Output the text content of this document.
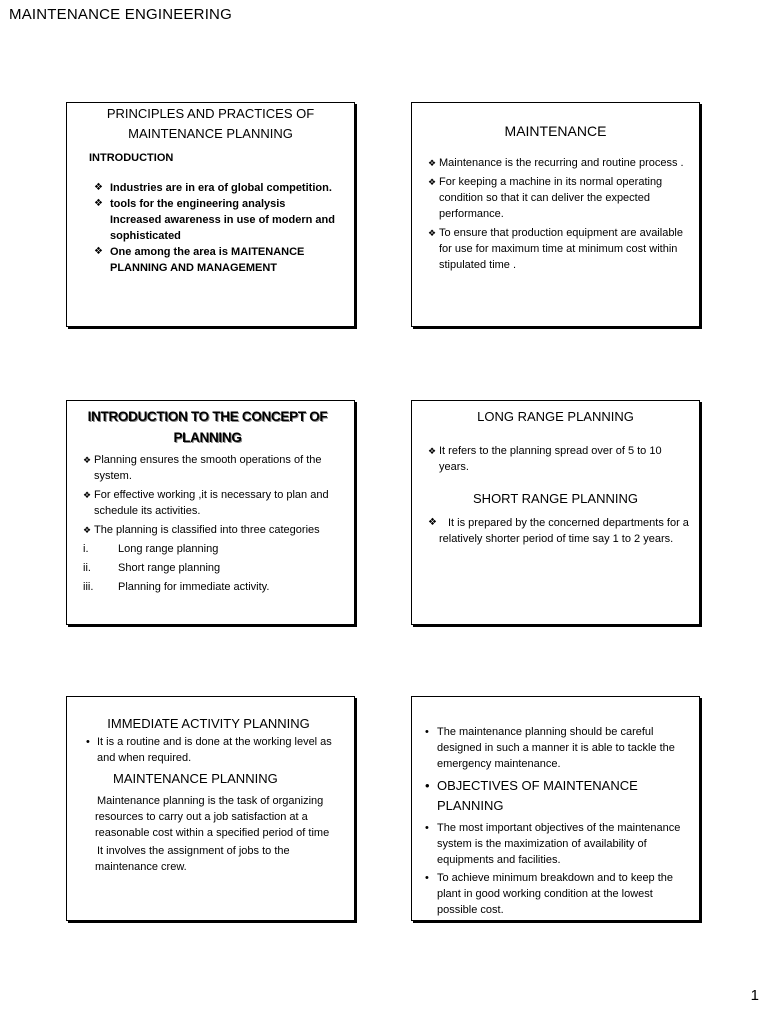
MAINTENANCE ENGINEERING
PRINCIPLES AND PRACTICES OF
MAINTENANCE PLANNING
INTRODUCTION
❖ Industries are in era of global competition.
❖ tools for the engineering analysis Increased awareness in use of modern and sophisticated
❖ One among the area is MAITENANCE PLANNING AND MANAGEMENT
MAINTENANCE
❖ Maintenance is the recurring and routine process .
❖ For keeping a machine in its normal operating condition so that it can deliver the expected performance.
❖ To ensure that production equipment are available for use for maximum time at minimum cost within stipulated time .
INTRODUCTION TO THE CONCEPT OF PLANNING
❖ Planning ensures the smooth operations of the system.
❖ For effective working ,it is necessary to plan and schedule its activities.
❖ The planning is classified into three categories
i.	Long range planning
ii.	Short range planning
iii.	Planning for immediate activity.
LONG RANGE PLANNING
❖ It refers to the planning spread over of 5 to 10 years.
SHORT RANGE PLANNING
❖ It is prepared by the concerned departments for a relatively shorter period of time say 1 to 2 years.
IMMEDIATE ACTIVITY PLANNING
• It is a routine and is done at the working level as and when required.
MAINTENANCE PLANNING

Maintenance planning is the task of organizing resources to carry out a job satisfaction at a reasonable cost within a specified period of time

It involves the assignment of jobs to the maintenance crew.

• The maintenance planning should be careful designed in such a manner it is able to tackle the emergency maintenance.
• OBJECTIVES OF MAINTENANCE PLANNING
• The most important objectives of the maintenance system is the maximization of availability of equipments and facilities.
• To achieve minimum breakdown and to keep the plant in good working condition at the lowest possible cost.
1
